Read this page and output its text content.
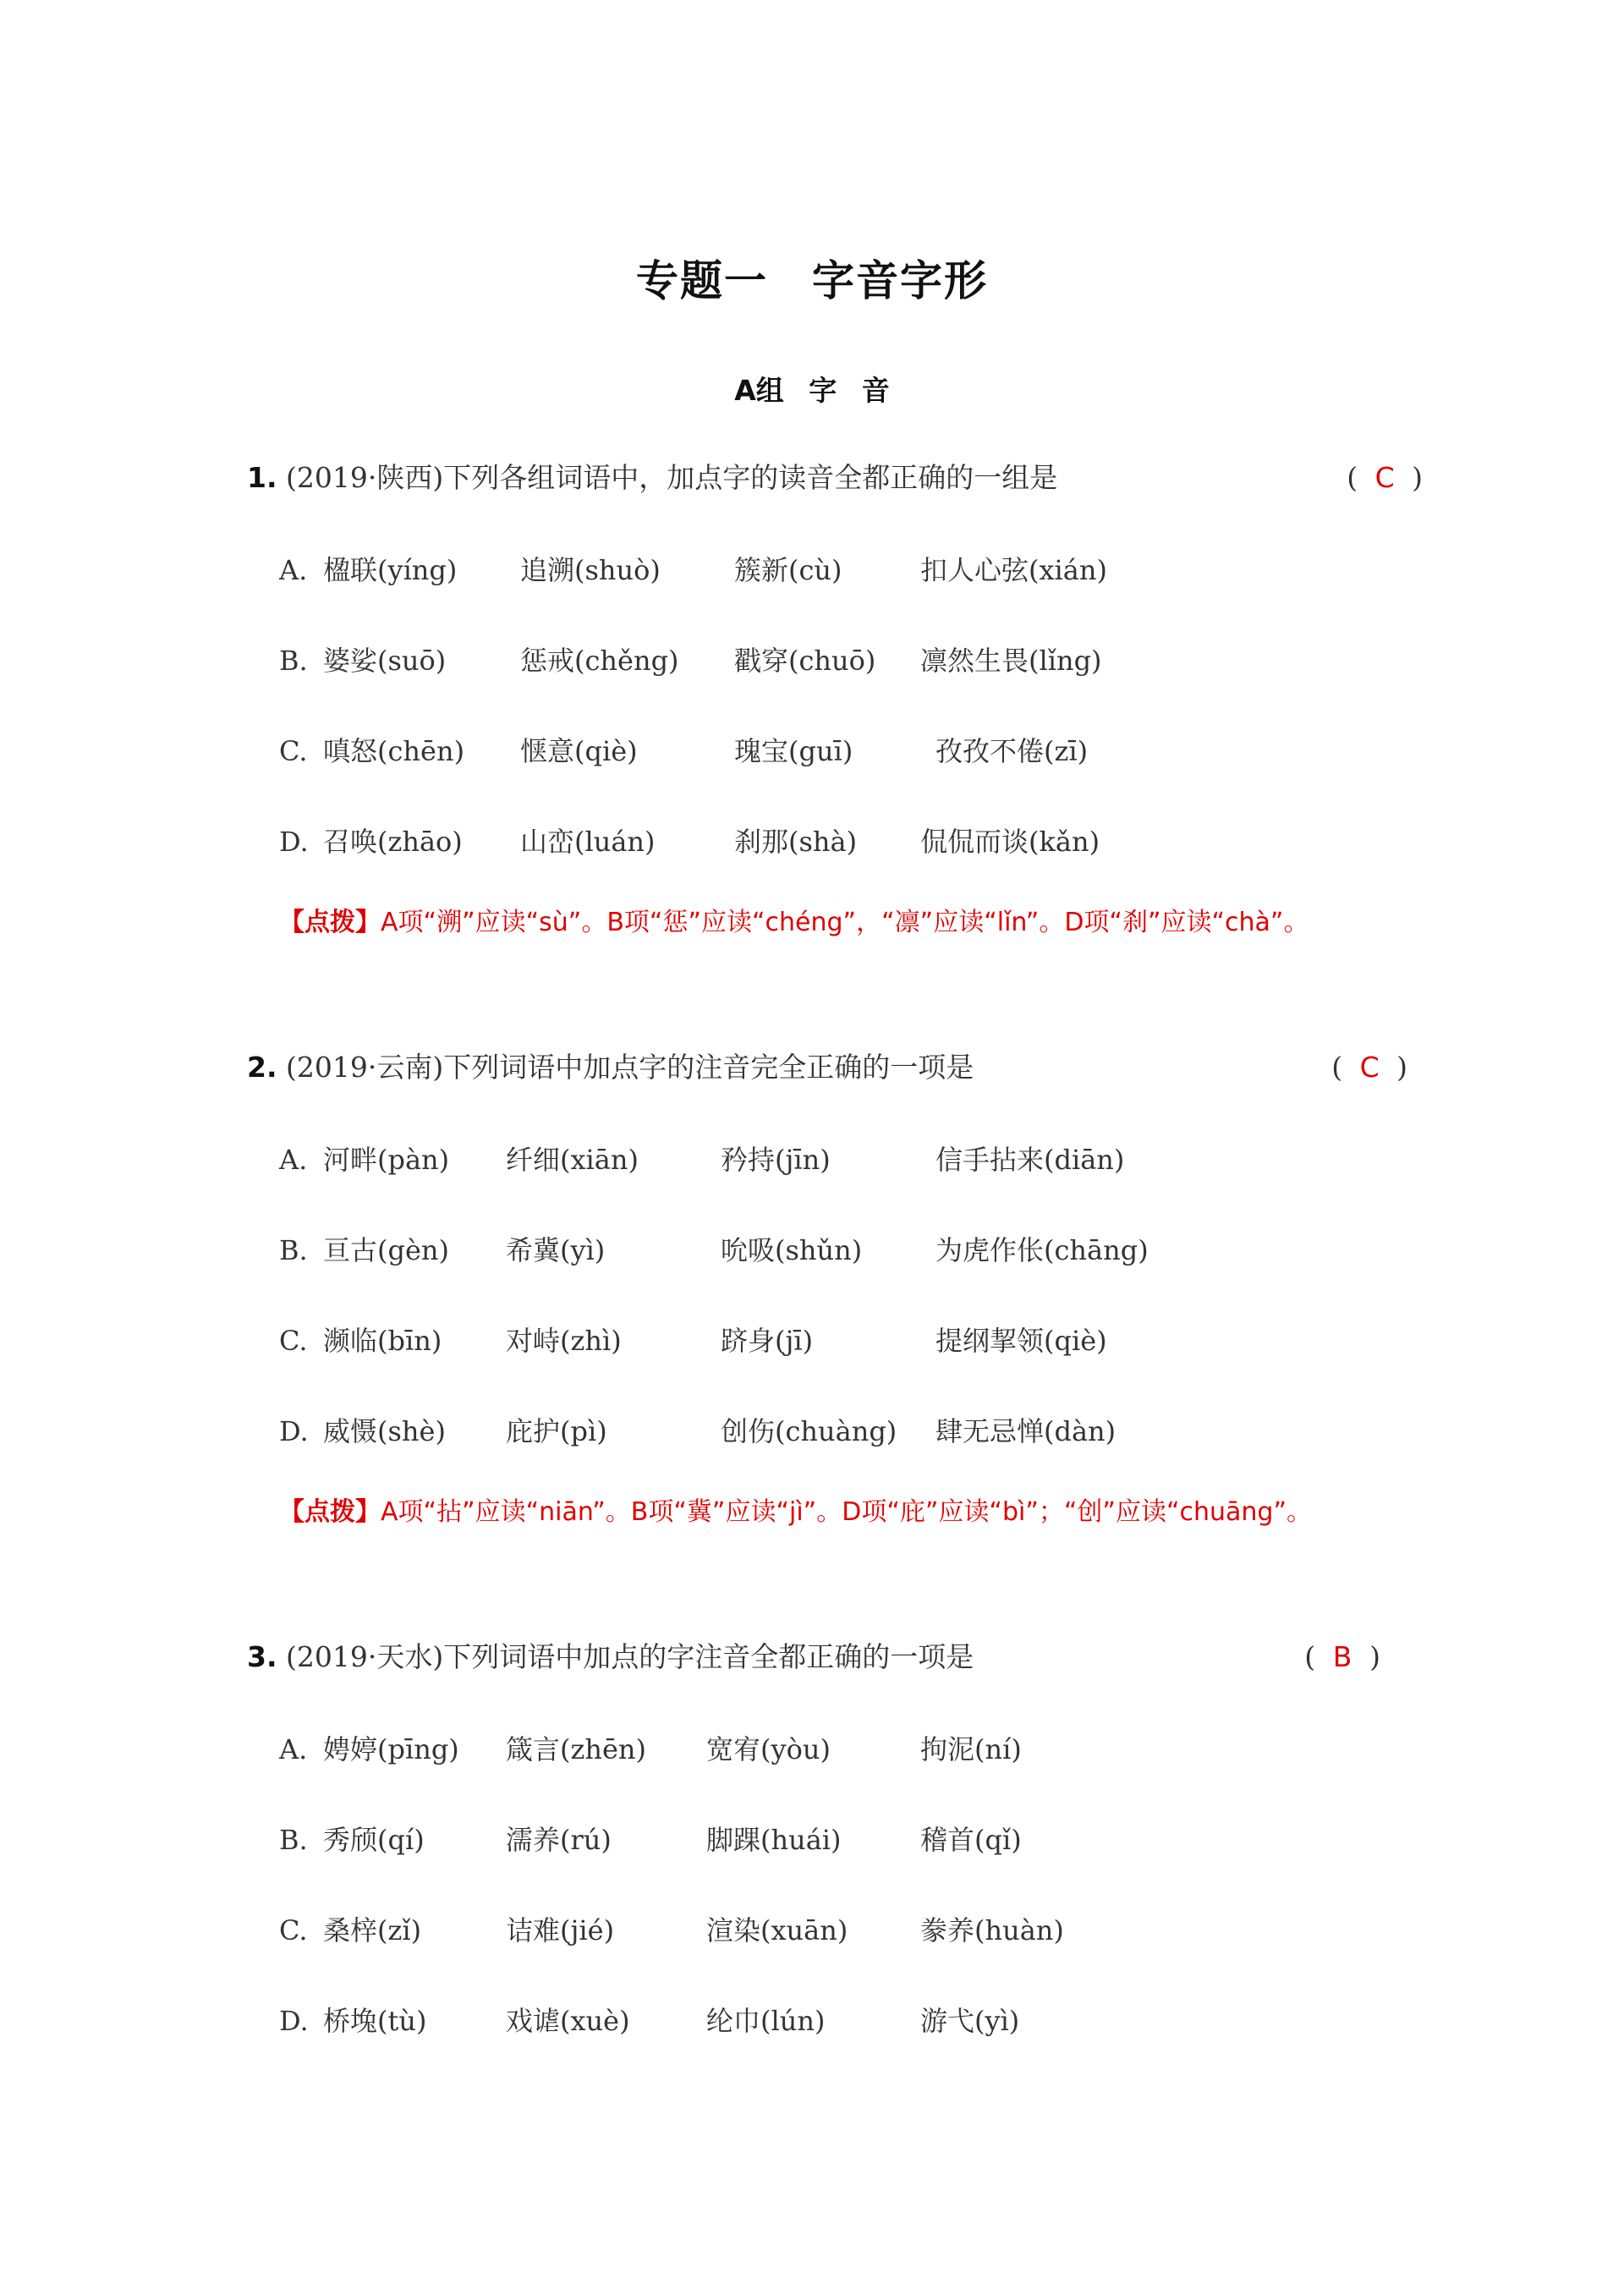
专题一 字音字形
A组 字 音
1. (2019·陕西)下列各组词语中，加点字的读音全都正确的一组是	( C )
A. 楹联(yíng) 追溯(shuò)	簇新(cù)	扣人心弦(xián)
B. 婆娑(suō)	惩戒(chěng) 戳穿(chuō) 凛然生畏(lǐng)
C. 嗔怒(chēn) 惬意(qiè)	瑰宝(guī)	孜孜不倦(zī)
D. 召唤(zhāo) 山峦(luán)	刹那(shà) 侃侃而谈(kǎn)
【点拨】A项“溯”应读“sù”。B项“惩”应读“chéng”，“凛”应读“lǐn”。D项“刹”应读“chà”。
2. (2019·云南)下列词语中加点字的注音完全正确的一项是	( C )
A. 河畔(pàn) 纤细(xiān)	矜持(jīn)	信手拈来(diān)
B. 亘古(gèn) 希冀(yì)	吮吸(shǔn)	为虎作伥(chāng)
C. 濒临(bīn) 对峙(zhì)	跻身(jī)	提纲挈领(qiè)
D. 威慑(shè) 庇护(pì)	创伤(chuàng) 肆无忌惮(dàn)
【点拨】A项“拈”应读“niān”。B项“冀”应读“jì”。D项“庇”应读“bì”；“创”应读“chuāng”。
3. (2019·天水)下列词语中加点的字注音全都正确的一项是	( B )
A. 娉婷(pīng) 箴言(zhēn) 宽宥(yòu)	拘泥(ní)
B. 秀颀(qí)	濡养(rú)	脚踝(huái)	稽首(qǐ)
C. 桑梓(zǐ)	诘难(jié)	渲染(xuān)	豢养(huàn)
D. 桥堍(tù)	戏谑(xuè)	纶巾(lún)	游弋(yì)
